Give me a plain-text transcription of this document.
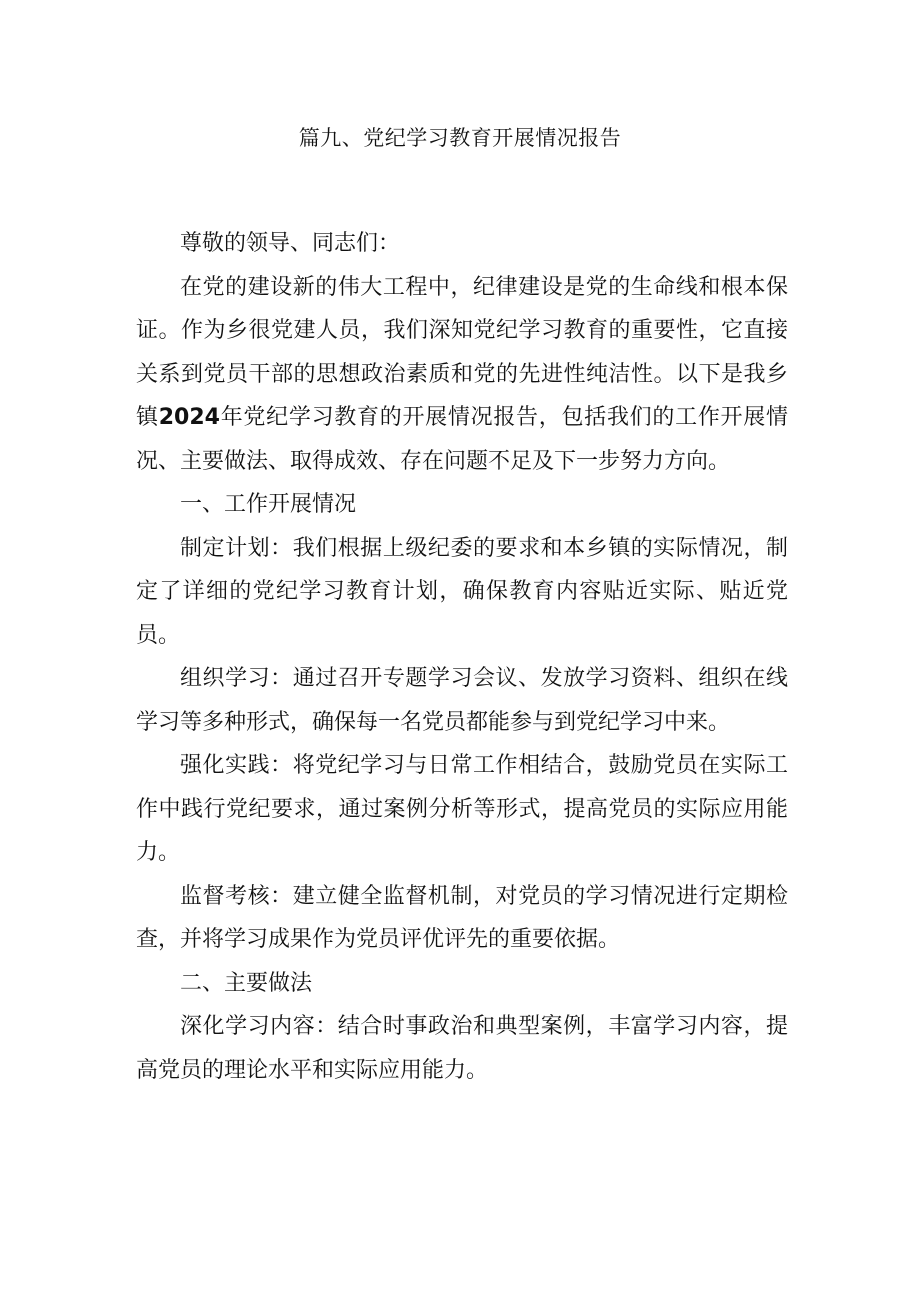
篇九、党纪学习教育开展情况报告

尊敬的领导、同志们：

在党的建设新的伟大工程中，纪律建设是党的生命线和根本保证。作为乡很党建人员，我们深知党纪学习教育的重要性，它直接关系到党员干部的思想政治素质和党的先进性纯洁性。以下是我乡镇2024年党纪学习教育的开展情况报告，包括我们的工作开展情况、主要做法、取得成效、存在问题不足及下一步努力方向。

一、工作开展情况

制定计划：我们根据上级纪委的要求和本乡镇的实际情况，制定了详细的党纪学习教育计划，确保教育内容贴近实际、贴近党员。

组织学习：通过召开专题学习会议、发放学习资料、组织在线学习等多种形式，确保每一名党员都能参与到党纪学习中来。

强化实践：将党纪学习与日常工作相结合，鼓励党员在实际工作中践行党纪要求，通过案例分析等形式，提高党员的实际应用能力。

监督考核：建立健全监督机制，对党员的学习情况进行定期检查，并将学习成果作为党员评优评先的重要依据。

二、主要做法

深化学习内容：结合时事政治和典型案例，丰富学习内容，提高党员的理论水平和实际应用能力。
